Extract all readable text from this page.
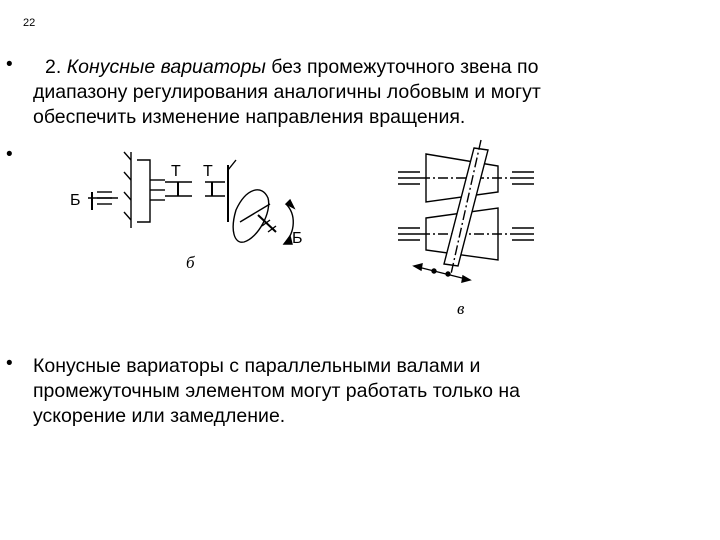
22
•	2. Конусные вариаторы без промежуточного звена по
диапазону регулирования аналогичны лобовым и могут
обеспечить изменение направления вращения.
•
• Конусные вариаторы с параллельными валами и
промежуточным элементом могут работать только на
ускорение или замедление.
Т Т
Б
Б
б
в
